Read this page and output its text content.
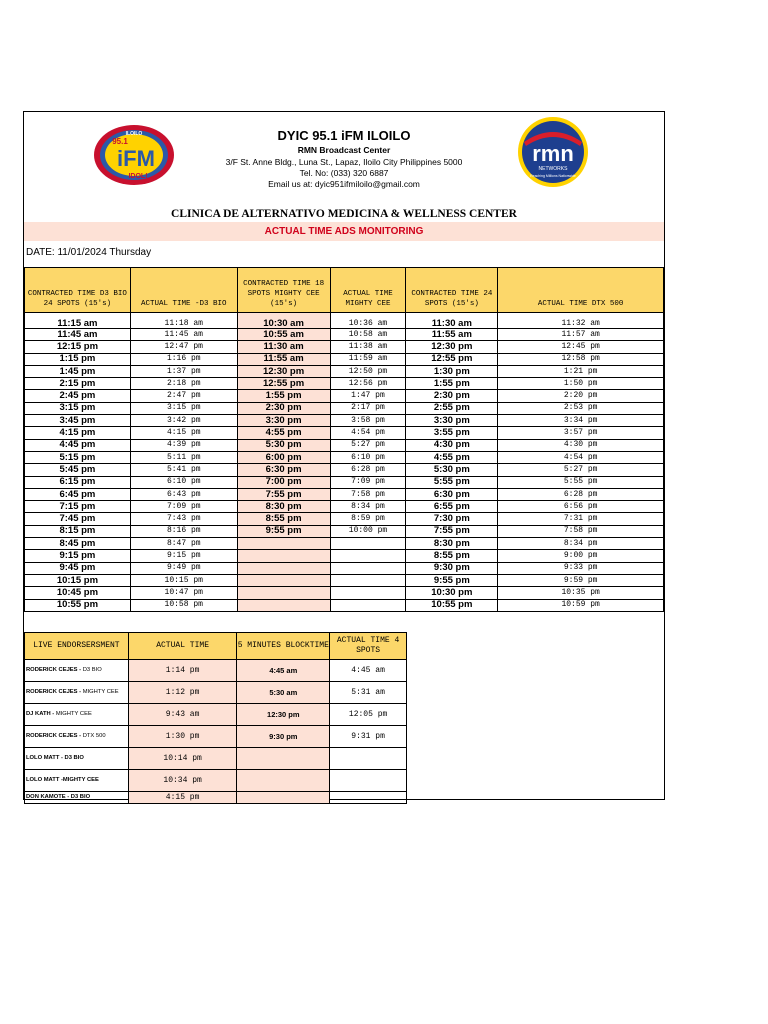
ILOILO
95.1
iFM
IDOL!
rmn
NETWORKS
Reaching Millions Nationwide
DYIC 95.1 iFM ILOILO
RMN Broadcast Center
3/F St. Anne Bldg., Luna St., Lapaz, Iloilo City Philippines 5000
Tel. No: (033) 320 6887
Email us at: dyic951ifmiloilo@gmail.com
CLINICA DE ALTERNATIVO MEDICINA & WELLNESS CENTER
ACTUAL TIME ADS MONITORING
DATE: 11/01/2024 Thursday
CONTRACTED TIME D3 BIO 24 SPOTS (15's)	ACTUAL TIME -D3 BIO	CONTRACTED TIME 18 SPOTS MIGHTY CEE (15's)	ACTUAL TIME MIGHTY CEE	CONTRACTED TIME 24 SPOTS (15's)	ACTUAL TIME DTX 500
11:15 am	11:18 am	10:30 am	10:36 am	11:30 am	11:32 am
11:45 am	11:45 am	10:55 am	10:58 am	11:55 am	11:57 am
12:15 pm	12:47 pm	11:30 am	11:38 am	12:30 pm	12:45 pm
1:15 pm	1:16 pm	11:55 am	11:59 am	12:55 pm	12:58 pm
1:45 pm	1:37 pm	12:30 pm	12:50 pm	1:30 pm	1:21 pm
2:15 pm	2:18 pm	12:55 pm	12:56 pm	1:55 pm	1:50 pm
2:45 pm	2:47 pm	1:55 pm	1:47 pm	2:30 pm	2:20 pm
3:15 pm	3:15 pm	2:30 pm	2:17 pm	2:55 pm	2:53 pm
3:45 pm	3:42 pm	3:30 pm	3:58 pm	3:30 pm	3:34 pm
4:15 pm	4:15 pm	4:55 pm	4:54 pm	3:55 pm	3:57 pm
4:45 pm	4:39 pm	5:30 pm	5:27 pm	4:30 pm	4:30 pm
5:15 pm	5:11 pm	6:00 pm	6:10 pm	4:55 pm	4:54 pm
5:45 pm	5:41 pm	6:30 pm	6:28 pm	5:30 pm	5:27 pm
6:15 pm	6:10 pm	7:00 pm	7:09 pm	5:55 pm	5:55 pm
6:45 pm	6:43 pm	7:55 pm	7:58 pm	6:30 pm	6:28 pm
7:15 pm	7:09 pm	8:30 pm	8:34 pm	6:55 pm	6:56 pm
7:45 pm	7:43 pm	8:55 pm	8:59 pm	7:30 pm	7:31 pm
8:15 pm	8:16 pm	9:55 pm	10:00 pm	7:55 pm	7:58 pm
8:45 pm	8:47 pm			8:30 pm	8:34 pm
9:15 pm	9:15 pm			8:55 pm	9:00 pm
9:45 pm	9:49 pm			9:30 pm	9:33 pm
10:15 pm	10:15 pm			9:55 pm	9:59 pm
10:45 pm	10:47 pm			10:30 pm	10:35 pm
10:55 pm	10:58 pm			10:55 pm	10:59 pm
LIVE ENDORSERSMENT	ACTUAL TIME	5 MINUTES BLOCKTIME	ACTUAL TIME 4 SPOTS
RODERICK CEJES - D3 BIO	1:14 pm	4:45 am	4:45 am
RODERICK CEJES - MIGHTY CEE	1:12 pm	5:30 am	5:31 am
DJ KATH - MIGHTY CEE	9:43 am	12:30 pm	12:05 pm
RODERICK CEJES - DTX 500	1:30 pm	9:30 pm	9:31 pm
LOLO MATT - D3 BIO	10:14 pm		
LOLO MATT -MIGHTY CEE	10:34 pm		
DON KAMOTE - D3 BIO	4:15 pm		
